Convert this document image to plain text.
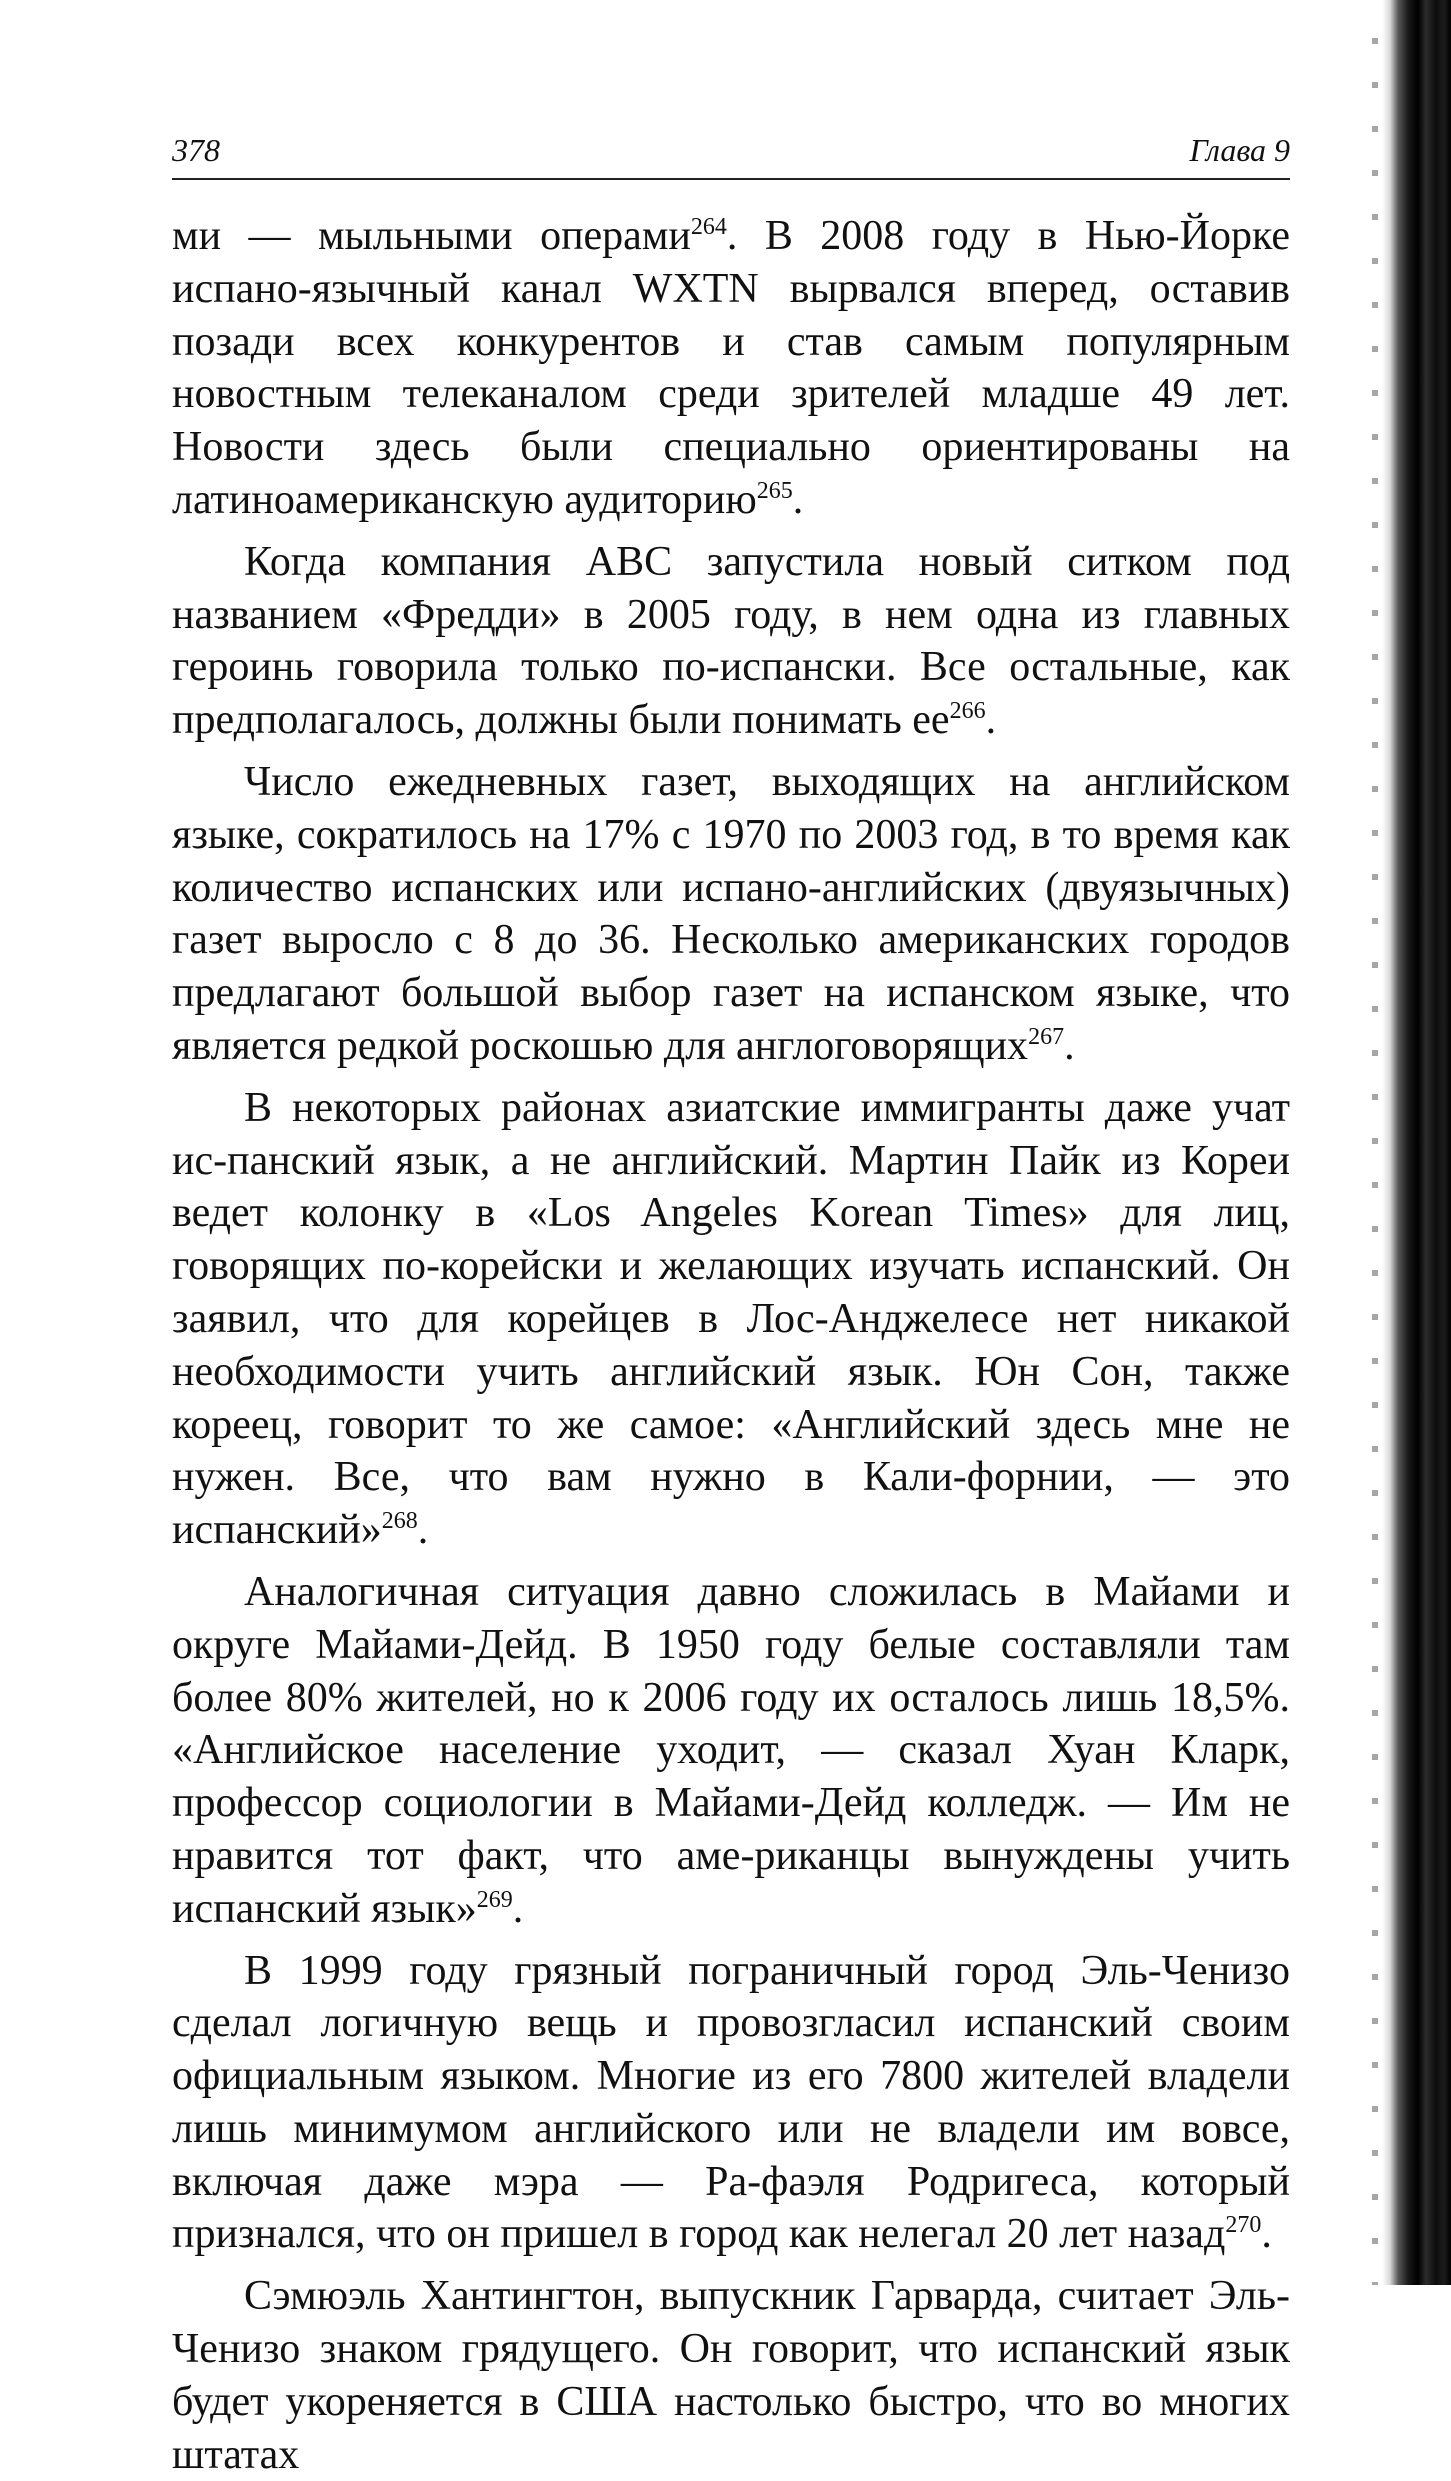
378	Глава 9

ми — мыльными операми$^{264}$. В 2008 году в Нью-Йорке испано-язычный канал WXTN вырвался вперед, оставив позади всех конкурентов и став самым популярным новостным телеканалом среди зрителей младше 49 лет. Новости здесь были специально ориентированы на латиноамериканскую аудиторию$^{265}$.

Когда компания ABC запустила новый ситком под названием «Фредди» в 2005 году, в нем одна из главных героинь говорила только по-испански. Все остальные, как предполагалось, должны были понимать $ее^{266}$.

Число ежедневных газет, выходящих на английском языке, сократилось на 17% с 1970 по 2003 год, в то время как количество испанских или испано-английских (двуязычных) газет выросло с 8 до 36. Несколько американских городов предлагают большой выбор газет на испанском языке, что является редкой роскошью для англоговорящих$^{267}$.

В некоторых районах азиатские иммигранты даже учат ис-панский язык, а не английский. Мартин Пайк из Кореи ведет колонку в «Los Angeles Korean Times» для лиц, говорящих по-корейски и желающих изучать испанский. Он заявил, что для корейцев в Лос-Анджелесе нет никакой необходимости учить английский язык. Юн Сон, также кореец, говорит то же самое: «Английский здесь мне не нужен. Все, что вам нужно в Кали-форнии, — это испанский»$^{268}$.

Аналогичная ситуация давно сложилась в Майами и округе Майами-Дейд. В 1950 году белые составляли там более 80% жителей, но к 2006 году их осталось лишь 18,5%. «Английское население уходит, — сказал Хуан Кларк, профессор социологии в Майами-Дейд колледж. — Им не нравится тот факт, что аме-риканцы вынуждены учить испанский язык»$^{269}$.

В 1999 году грязный пограничный город Эль-Ченизо сделал логичную вещь и провозгласил испанский своим официальным языком. Многие из его 7800 жителей владели лишь минимумом английского или не владели им вовсе, включая даже мэра — Ра-фаэля Родригеса, который признался, что он пришел в город как нелегал 20 лет назад$^{270}$.

Сэмюэль Хантингтон, выпускник Гарварда, считает Эль-Ченизо знаком грядущего. Он говорит, что испанский язык будет укореняется в США настолько быстро, что во многих штатах
